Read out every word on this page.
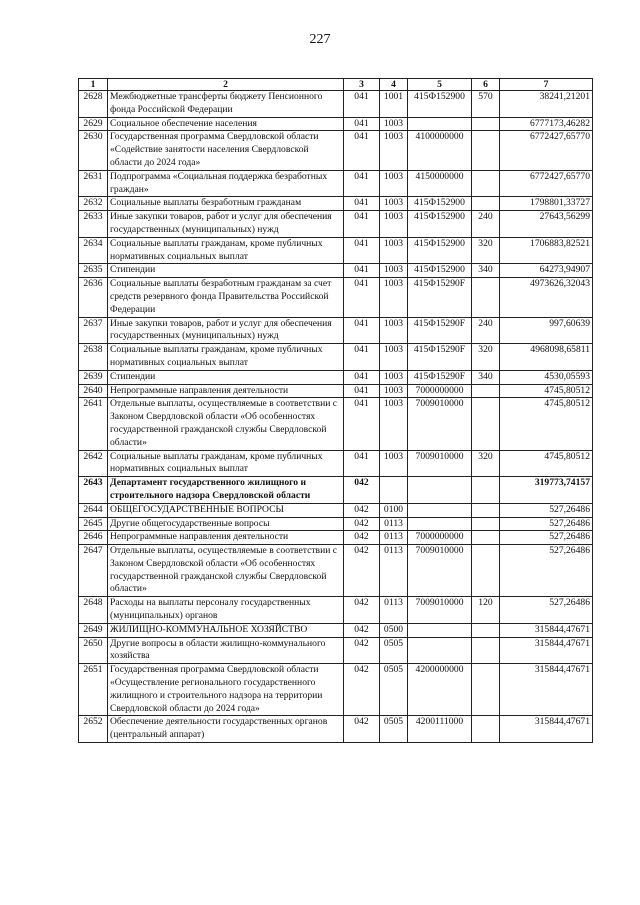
227
1	2	3	4	5	6	7
2628	Межбюджетные трансферты бюджету Пенсионного фонда Российской Федерации	041	1001	415Ф152900	570	38241,21201
2629	Социальное обеспечение населения	041	1003			6777173,46282
2630	Государственная программа Свердловской области «Содействие занятости населения Свердловской области до 2024 года»	041	1003	4100000000		6772427,65770
2631	Подпрограмма «Социальная поддержка безработных граждан»	041	1003	4150000000		6772427,65770
2632	Социальные выплаты безработным гражданам	041	1003	415Ф152900		1798801,33727
2633	Иные закупки товаров, работ и услуг для обеспечения государственных (муниципальных) нужд	041	1003	415Ф152900	240	27643,56299
2634	Социальные выплаты гражданам, кроме публичных нормативных социальных выплат	041	1003	415Ф152900	320	1706883,82521
2635	Стипендии	041	1003	415Ф152900	340	64273,94907
2636	Социальные выплаты безработным гражданам за счет средств резервного фонда Правительства Российской Федерации	041	1003	415Ф15290F		4973626,32043
2637	Иные закупки товаров, работ и услуг для обеспечения государственных (муниципальных) нужд	041	1003	415Ф15290F	240	997,60639
2638	Социальные выплаты гражданам, кроме публичных нормативных социальных выплат	041	1003	415Ф15290F	320	4968098,65811
2639	Стипендии	041	1003	415Ф15290F	340	4530,05593
2640	Непрограммные направления деятельности	041	1003	7000000000		4745,80512
2641	Отдельные выплаты, осуществляемые в соответствии с Законом Свердловской области «Об особенностях государственной гражданской службы Свердловской области»	041	1003	7009010000		4745,80512
2642	Социальные выплаты гражданам, кроме публичных нормативных социальных выплат	041	1003	7009010000	320	4745,80512
2643	Департамент государственного жилищного и строительного надзора Свердловской области	042				319773,74157
2644	ОБЩЕГОСУДАРСТВЕННЫЕ ВОПРОСЫ	042	0100			527,26486
2645	Другие общегосударственные вопросы	042	0113			527,26486
2646	Непрограммные направления деятельности	042	0113	7000000000		527,26486
2647	Отдельные выплаты, осуществляемые в соответствии с Законом Свердловской области «Об особенностях государственной гражданской службы Свердловской области»	042	0113	7009010000		527,26486
2648	Расходы на выплаты персоналу государственных (муниципальных) органов	042	0113	7009010000	120	527,26486
2649	ЖИЛИЩНО-КОММУНАЛЬНОЕ ХОЗЯЙСТВО	042	0500			315844,47671
2650	Другие вопросы в области жилищно-коммунального хозяйства	042	0505			315844,47671
2651	Государственная программа Свердловской области «Осуществление регионального государственного жилищного и строительного надзора на территории Свердловской области до 2024 года»	042	0505	4200000000		315844,47671
2652	Обеспечение деятельности государственных органов (центральный аппарат)	042	0505	4200111000		315844,47671
